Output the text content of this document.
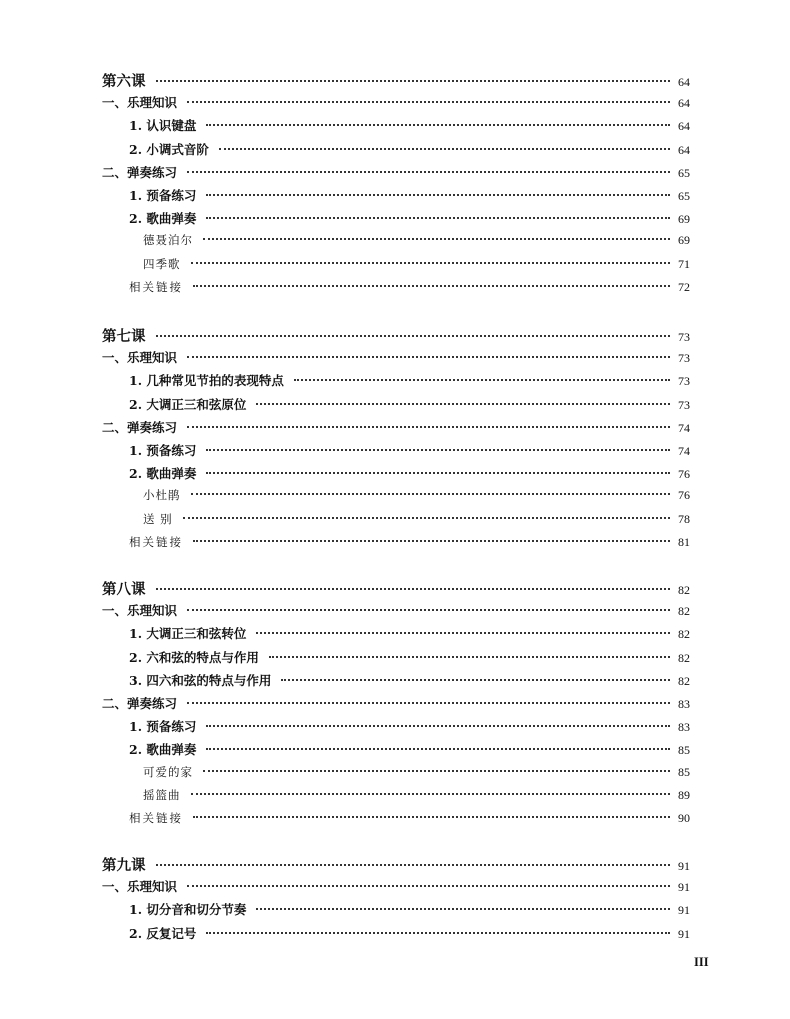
第六课	64
一、乐理知识	64
1. 认识键盘	64
2. 小调式音阶	64
二、弹奏练习	65
1. 预备练习	65
2. 歌曲弹奏	69
德聂泊尔	69
四季歌	71
相关链接	72
第七课	73
一、乐理知识	73
1. 几种常见节拍的表现特点	73
2. 大调正三和弦原位	73
二、弹奏练习	74
1. 预备练习	74
2. 歌曲弹奏	76
小杜鹃	76
送 别	78
相关链接	81
第八课	82
一、乐理知识	82
1. 大调正三和弦转位	82
2. 六和弦的特点与作用	82
3. 四六和弦的特点与作用	82
二、弹奏练习	83
1. 预备练习	83
2. 歌曲弹奏	85
可爱的家	85
摇篮曲	89
相关链接	90
第九课	91
一、乐理知识	91
1. 切分音和切分节奏	91
2. 反复记号	91
III
